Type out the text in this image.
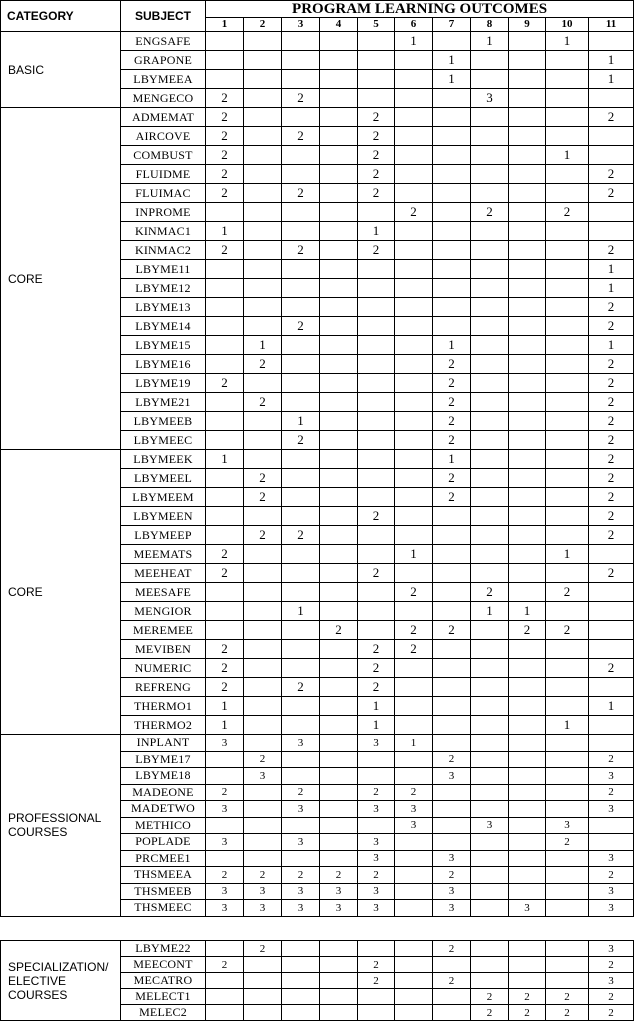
CATEGORY	SUBJECT	PROGRAM LEARNING OUTCOMES										
		1	2	3	4	5	6	7	8	9	10	11
BASIC	ENGSAFE						1		1		1	
	GRAPONE							1				1
	LBYMEEA							1				1
	MENGECO	2		2					3			
CORE	ADMEMAT	2				2						2
	AIRCOVE	2		2		2						
	COMBUST	2				2					1	
	FLUIDME	2				2						2
	FLUIMAC	2		2		2						2
	INPROME						2		2		2	
	KINMAC1	1				1						
	KINMAC2	2		2		2						2
	LBYME11											1
	LBYME12											1
	LBYME13											2
	LBYME14			2								2
	LBYME15		1					1				1
	LBYME16		2					2				2
	LBYME19	2						2				2
	LBYME21		2					2				2
	LBYMEEB			1				2				2
	LBYMEEC			2				2				2
CORE	LBYMEEK	1						1				2
	LBYMEEL		2					2				2
	LBYMEEM		2					2				2
	LBYMEEN					2						2
	LBYMEEP		2	2								2
	MEEMATS	2					1				1	
	MEEHEAT	2				2						2
	MEESAFE						2		2		2	
	MENGIOR			1					1	1		
	MEREMEE				2		2	2		2	2	
	MEVIBEN	2				2	2					
	NUMERIC	2				2						2
	REFRENG	2		2		2						
	THERMO1	1				1						1
	THERMO2	1				1					1	
PROFESSIONAL COURSES	INPLANT	3		3		3	1					
	LBYME17		2					2				2
	LBYME18		3					3				3
	MADEONE	2		2		2	2					2
	MADETWO	3		3		3	3					3
	METHICO						3		3		3	
	POPLADE	3		3		3					2	
	PRCMEE1					3		3				3
	THSMEEA	2	2	2	2	2		2				2
	THSMEEB	3	3	3	3	3		3				3
	THSMEEC	3	3	3	3	3		3		3		3
SPECIALIZATION/ ELECTIVE COURSES	LBYME22		2					2				3
	MEECONT	2				2						2
	MECATRO					2		2				3
	MELECT1								2	2	2	2
	MELEC2								2	2	2	2
